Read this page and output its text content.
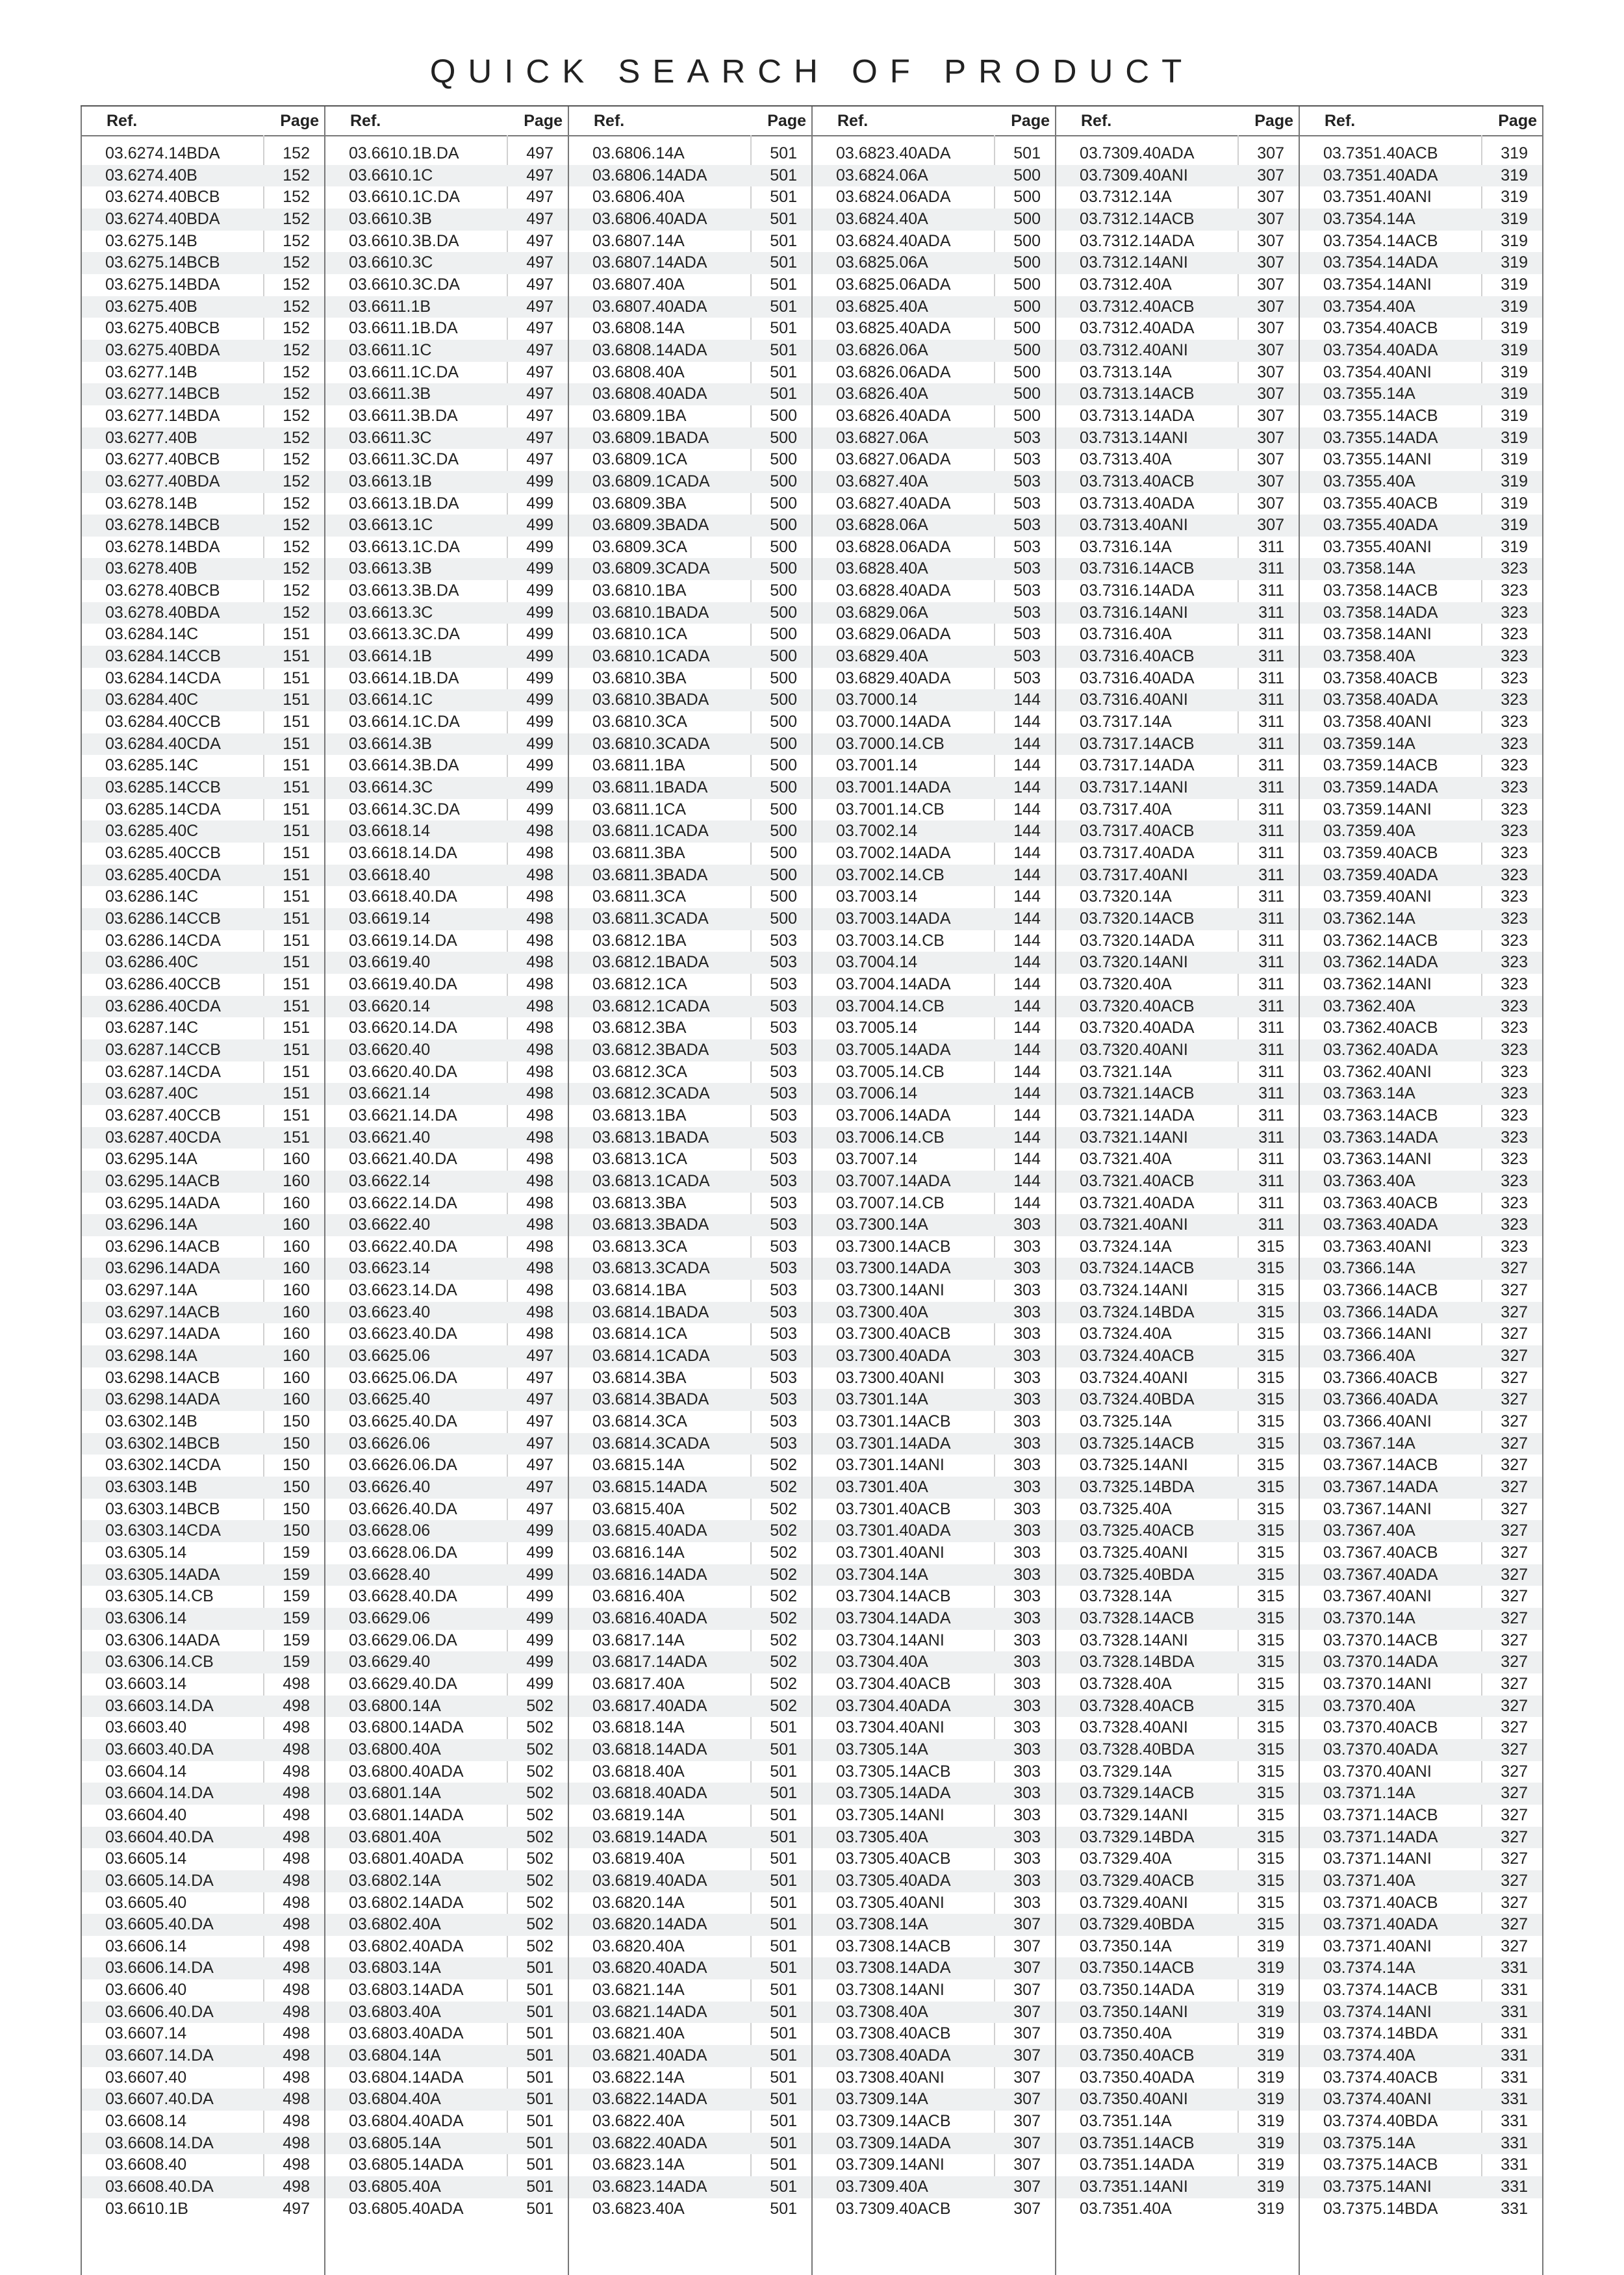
QUICK SEARCH OF PRODUCT
Ref.	Page
03.6274.14BDA	152
03.6274.40B	152
03.6274.40BCB	152
03.6274.40BDA	152
03.6275.14B	152
03.6275.14BCB	152
03.6275.14BDA	152
03.6275.40B	152
03.6275.40BCB	152
03.6275.40BDA	152
03.6277.14B	152
03.6277.14BCB	152
03.6277.14BDA	152
03.6277.40B	152
03.6277.40BCB	152
03.6277.40BDA	152
03.6278.14B	152
03.6278.14BCB	152
03.6278.14BDA	152
03.6278.40B	152
03.6278.40BCB	152
03.6278.40BDA	152
03.6284.14C	151
03.6284.14CCB	151
03.6284.14CDA	151
03.6284.40C	151
03.6284.40CCB	151
03.6284.40CDA	151
03.6285.14C	151
03.6285.14CCB	151
03.6285.14CDA	151
03.6285.40C	151
03.6285.40CCB	151
03.6285.40CDA	151
03.6286.14C	151
03.6286.14CCB	151
03.6286.14CDA	151
03.6286.40C	151
03.6286.40CCB	151
03.6286.40CDA	151
03.6287.14C	151
03.6287.14CCB	151
03.6287.14CDA	151
03.6287.40C	151
03.6287.40CCB	151
03.6287.40CDA	151
03.6295.14A	160
03.6295.14ACB	160
03.6295.14ADA	160
03.6296.14A	160
03.6296.14ACB	160
03.6296.14ADA	160
03.6297.14A	160
03.6297.14ACB	160
03.6297.14ADA	160
03.6298.14A	160
03.6298.14ACB	160
03.6298.14ADA	160
03.6302.14B	150
03.6302.14BCB	150
03.6302.14CDA	150
03.6303.14B	150
03.6303.14BCB	150
03.6303.14CDA	150
03.6305.14	159
03.6305.14ADA	159
03.6305.14.CB	159
03.6306.14	159
03.6306.14ADA	159
03.6306.14.CB	159
03.6603.14	498
03.6603.14.DA	498
03.6603.40	498
03.6603.40.DA	498
03.6604.14	498
03.6604.14.DA	498
03.6604.40	498
03.6604.40.DA	498
03.6605.14	498
03.6605.14.DA	498
03.6605.40	498
03.6605.40.DA	498
03.6606.14	498
03.6606.14.DA	498
03.6606.40	498
03.6606.40.DA	498
03.6607.14	498
03.6607.14.DA	498
03.6607.40	498
03.6607.40.DA	498
03.6608.14	498
03.6608.14.DA	498
03.6608.40	498
03.6608.40.DA	498
03.6610.1B	497
Ref.	Page
03.6610.1B.DA	497
03.6610.1C	497
03.6610.1C.DA	497
03.6610.3B	497
03.6610.3B.DA	497
03.6610.3C	497
03.6610.3C.DA	497
03.6611.1B	497
03.6611.1B.DA	497
03.6611.1C	497
03.6611.1C.DA	497
03.6611.3B	497
03.6611.3B.DA	497
03.6611.3C	497
03.6611.3C.DA	497
03.6613.1B	499
03.6613.1B.DA	499
03.6613.1C	499
03.6613.1C.DA	499
03.6613.3B	499
03.6613.3B.DA	499
03.6613.3C	499
03.6613.3C.DA	499
03.6614.1B	499
03.6614.1B.DA	499
03.6614.1C	499
03.6614.1C.DA	499
03.6614.3B	499
03.6614.3B.DA	499
03.6614.3C	499
03.6614.3C.DA	499
03.6618.14	498
03.6618.14.DA	498
03.6618.40	498
03.6618.40.DA	498
03.6619.14	498
03.6619.14.DA	498
03.6619.40	498
03.6619.40.DA	498
03.6620.14	498
03.6620.14.DA	498
03.6620.40	498
03.6620.40.DA	498
03.6621.14	498
03.6621.14.DA	498
03.6621.40	498
03.6621.40.DA	498
03.6622.14	498
03.6622.14.DA	498
03.6622.40	498
03.6622.40.DA	498
03.6623.14	498
03.6623.14.DA	498
03.6623.40	498
03.6623.40.DA	498
03.6625.06	497
03.6625.06.DA	497
03.6625.40	497
03.6625.40.DA	497
03.6626.06	497
03.6626.06.DA	497
03.6626.40	497
03.6626.40.DA	497
03.6628.06	499
03.6628.06.DA	499
03.6628.40	499
03.6628.40.DA	499
03.6629.06	499
03.6629.06.DA	499
03.6629.40	499
03.6629.40.DA	499
03.6800.14A	502
03.6800.14ADA	502
03.6800.40A	502
03.6800.40ADA	502
03.6801.14A	502
03.6801.14ADA	502
03.6801.40A	502
03.6801.40ADA	502
03.6802.14A	502
03.6802.14ADA	502
03.6802.40A	502
03.6802.40ADA	502
03.6803.14A	501
03.6803.14ADA	501
03.6803.40A	501
03.6803.40ADA	501
03.6804.14A	501
03.6804.14ADA	501
03.6804.40A	501
03.6804.40ADA	501
03.6805.14A	501
03.6805.14ADA	501
03.6805.40A	501
03.6805.40ADA	501
Ref.	Page
03.6806.14A	501
03.6806.14ADA	501
03.6806.40A	501
03.6806.40ADA	501
03.6807.14A	501
03.6807.14ADA	501
03.6807.40A	501
03.6807.40ADA	501
03.6808.14A	501
03.6808.14ADA	501
03.6808.40A	501
03.6808.40ADA	501
03.6809.1BA	500
03.6809.1BADA	500
03.6809.1CA	500
03.6809.1CADA	500
03.6809.3BA	500
03.6809.3BADA	500
03.6809.3CA	500
03.6809.3CADA	500
03.6810.1BA	500
03.6810.1BADA	500
03.6810.1CA	500
03.6810.1CADA	500
03.6810.3BA	500
03.6810.3BADA	500
03.6810.3CA	500
03.6810.3CADA	500
03.6811.1BA	500
03.6811.1BADA	500
03.6811.1CA	500
03.6811.1CADA	500
03.6811.3BA	500
03.6811.3BADA	500
03.6811.3CA	500
03.6811.3CADA	500
03.6812.1BA	503
03.6812.1BADA	503
03.6812.1CA	503
03.6812.1CADA	503
03.6812.3BA	503
03.6812.3BADA	503
03.6812.3CA	503
03.6812.3CADA	503
03.6813.1BA	503
03.6813.1BADA	503
03.6813.1CA	503
03.6813.1CADA	503
03.6813.3BA	503
03.6813.3BADA	503
03.6813.3CA	503
03.6813.3CADA	503
03.6814.1BA	503
03.6814.1BADA	503
03.6814.1CA	503
03.6814.1CADA	503
03.6814.3BA	503
03.6814.3BADA	503
03.6814.3CA	503
03.6814.3CADA	503
03.6815.14A	502
03.6815.14ADA	502
03.6815.40A	502
03.6815.40ADA	502
03.6816.14A	502
03.6816.14ADA	502
03.6816.40A	502
03.6816.40ADA	502
03.6817.14A	502
03.6817.14ADA	502
03.6817.40A	502
03.6817.40ADA	502
03.6818.14A	501
03.6818.14ADA	501
03.6818.40A	501
03.6818.40ADA	501
03.6819.14A	501
03.6819.14ADA	501
03.6819.40A	501
03.6819.40ADA	501
03.6820.14A	501
03.6820.14ADA	501
03.6820.40A	501
03.6820.40ADA	501
03.6821.14A	501
03.6821.14ADA	501
03.6821.40A	501
03.6821.40ADA	501
03.6822.14A	501
03.6822.14ADA	501
03.6822.40A	501
03.6822.40ADA	501
03.6823.14A	501
03.6823.14ADA	501
03.6823.40A	501
Ref.	Page
03.6823.40ADA	501
03.6824.06A	500
03.6824.06ADA	500
03.6824.40A	500
03.6824.40ADA	500
03.6825.06A	500
03.6825.06ADA	500
03.6825.40A	500
03.6825.40ADA	500
03.6826.06A	500
03.6826.06ADA	500
03.6826.40A	500
03.6826.40ADA	500
03.6827.06A	503
03.6827.06ADA	503
03.6827.40A	503
03.6827.40ADA	503
03.6828.06A	503
03.6828.06ADA	503
03.6828.40A	503
03.6828.40ADA	503
03.6829.06A	503
03.6829.06ADA	503
03.6829.40A	503
03.6829.40ADA	503
03.7000.14	144
03.7000.14ADA	144
03.7000.14.CB	144
03.7001.14	144
03.7001.14ADA	144
03.7001.14.CB	144
03.7002.14	144
03.7002.14ADA	144
03.7002.14.CB	144
03.7003.14	144
03.7003.14ADA	144
03.7003.14.CB	144
03.7004.14	144
03.7004.14ADA	144
03.7004.14.CB	144
03.7005.14	144
03.7005.14ADA	144
03.7005.14.CB	144
03.7006.14	144
03.7006.14ADA	144
03.7006.14.CB	144
03.7007.14	144
03.7007.14ADA	144
03.7007.14.CB	144
03.7300.14A	303
03.7300.14ACB	303
03.7300.14ADA	303
03.7300.14ANI	303
03.7300.40A	303
03.7300.40ACB	303
03.7300.40ADA	303
03.7300.40ANI	303
03.7301.14A	303
03.7301.14ACB	303
03.7301.14ADA	303
03.7301.14ANI	303
03.7301.40A	303
03.7301.40ACB	303
03.7301.40ADA	303
03.7301.40ANI	303
03.7304.14A	303
03.7304.14ACB	303
03.7304.14ADA	303
03.7304.14ANI	303
03.7304.40A	303
03.7304.40ACB	303
03.7304.40ADA	303
03.7304.40ANI	303
03.7305.14A	303
03.7305.14ACB	303
03.7305.14ADA	303
03.7305.14ANI	303
03.7305.40A	303
03.7305.40ACB	303
03.7305.40ADA	303
03.7305.40ANI	303
03.7308.14A	307
03.7308.14ACB	307
03.7308.14ADA	307
03.7308.14ANI	307
03.7308.40A	307
03.7308.40ACB	307
03.7308.40ADA	307
03.7308.40ANI	307
03.7309.14A	307
03.7309.14ACB	307
03.7309.14ADA	307
03.7309.14ANI	307
03.7309.40A	307
03.7309.40ACB	307
Ref.	Page
03.7309.40ADA	307
03.7309.40ANI	307
03.7312.14A	307
03.7312.14ACB	307
03.7312.14ADA	307
03.7312.14ANI	307
03.7312.40A	307
03.7312.40ACB	307
03.7312.40ADA	307
03.7312.40ANI	307
03.7313.14A	307
03.7313.14ACB	307
03.7313.14ADA	307
03.7313.14ANI	307
03.7313.40A	307
03.7313.40ACB	307
03.7313.40ADA	307
03.7313.40ANI	307
03.7316.14A	311
03.7316.14ACB	311
03.7316.14ADA	311
03.7316.14ANI	311
03.7316.40A	311
03.7316.40ACB	311
03.7316.40ADA	311
03.7316.40ANI	311
03.7317.14A	311
03.7317.14ACB	311
03.7317.14ADA	311
03.7317.14ANI	311
03.7317.40A	311
03.7317.40ACB	311
03.7317.40ADA	311
03.7317.40ANI	311
03.7320.14A	311
03.7320.14ACB	311
03.7320.14ADA	311
03.7320.14ANI	311
03.7320.40A	311
03.7320.40ACB	311
03.7320.40ADA	311
03.7320.40ANI	311
03.7321.14A	311
03.7321.14ACB	311
03.7321.14ADA	311
03.7321.14ANI	311
03.7321.40A	311
03.7321.40ACB	311
03.7321.40ADA	311
03.7321.40ANI	311
03.7324.14A	315
03.7324.14ACB	315
03.7324.14ANI	315
03.7324.14BDA	315
03.7324.40A	315
03.7324.40ACB	315
03.7324.40ANI	315
03.7324.40BDA	315
03.7325.14A	315
03.7325.14ACB	315
03.7325.14ANI	315
03.7325.14BDA	315
03.7325.40A	315
03.7325.40ACB	315
03.7325.40ANI	315
03.7325.40BDA	315
03.7328.14A	315
03.7328.14ACB	315
03.7328.14ANI	315
03.7328.14BDA	315
03.7328.40A	315
03.7328.40ACB	315
03.7328.40ANI	315
03.7328.40BDA	315
03.7329.14A	315
03.7329.14ACB	315
03.7329.14ANI	315
03.7329.14BDA	315
03.7329.40A	315
03.7329.40ACB	315
03.7329.40ANI	315
03.7329.40BDA	315
03.7350.14A	319
03.7350.14ACB	319
03.7350.14ADA	319
03.7350.14ANI	319
03.7350.40A	319
03.7350.40ACB	319
03.7350.40ADA	319
03.7350.40ANI	319
03.7351.14A	319
03.7351.14ACB	319
03.7351.14ADA	319
03.7351.14ANI	319
03.7351.40A	319
Ref.	Page
03.7351.40ACB	319
03.7351.40ADA	319
03.7351.40ANI	319
03.7354.14A	319
03.7354.14ACB	319
03.7354.14ADA	319
03.7354.14ANI	319
03.7354.40A	319
03.7354.40ACB	319
03.7354.40ADA	319
03.7354.40ANI	319
03.7355.14A	319
03.7355.14ACB	319
03.7355.14ADA	319
03.7355.14ANI	319
03.7355.40A	319
03.7355.40ACB	319
03.7355.40ADA	319
03.7355.40ANI	319
03.7358.14A	323
03.7358.14ACB	323
03.7358.14ADA	323
03.7358.14ANI	323
03.7358.40A	323
03.7358.40ACB	323
03.7358.40ADA	323
03.7358.40ANI	323
03.7359.14A	323
03.7359.14ACB	323
03.7359.14ADA	323
03.7359.14ANI	323
03.7359.40A	323
03.7359.40ACB	323
03.7359.40ADA	323
03.7359.40ANI	323
03.7362.14A	323
03.7362.14ACB	323
03.7362.14ADA	323
03.7362.14ANI	323
03.7362.40A	323
03.7362.40ACB	323
03.7362.40ADA	323
03.7362.40ANI	323
03.7363.14A	323
03.7363.14ACB	323
03.7363.14ADA	323
03.7363.14ANI	323
03.7363.40A	323
03.7363.40ACB	323
03.7363.40ADA	323
03.7363.40ANI	323
03.7366.14A	327
03.7366.14ACB	327
03.7366.14ADA	327
03.7366.14ANI	327
03.7366.40A	327
03.7366.40ACB	327
03.7366.40ADA	327
03.7366.40ANI	327
03.7367.14A	327
03.7367.14ACB	327
03.7367.14ADA	327
03.7367.14ANI	327
03.7367.40A	327
03.7367.40ACB	327
03.7367.40ADA	327
03.7367.40ANI	327
03.7370.14A	327
03.7370.14ACB	327
03.7370.14ADA	327
03.7370.14ANI	327
03.7370.40A	327
03.7370.40ACB	327
03.7370.40ADA	327
03.7370.40ANI	327
03.7371.14A	327
03.7371.14ACB	327
03.7371.14ADA	327
03.7371.14ANI	327
03.7371.40A	327
03.7371.40ACB	327
03.7371.40ADA	327
03.7371.40ANI	327
03.7374.14A	331
03.7374.14ACB	331
03.7374.14ANI	331
03.7374.14BDA	331
03.7374.40A	331
03.7374.40ACB	331
03.7374.40ANI	331
03.7374.40BDA	331
03.7375.14A	331
03.7375.14ACB	331
03.7375.14ANI	331
03.7375.14BDA	331
